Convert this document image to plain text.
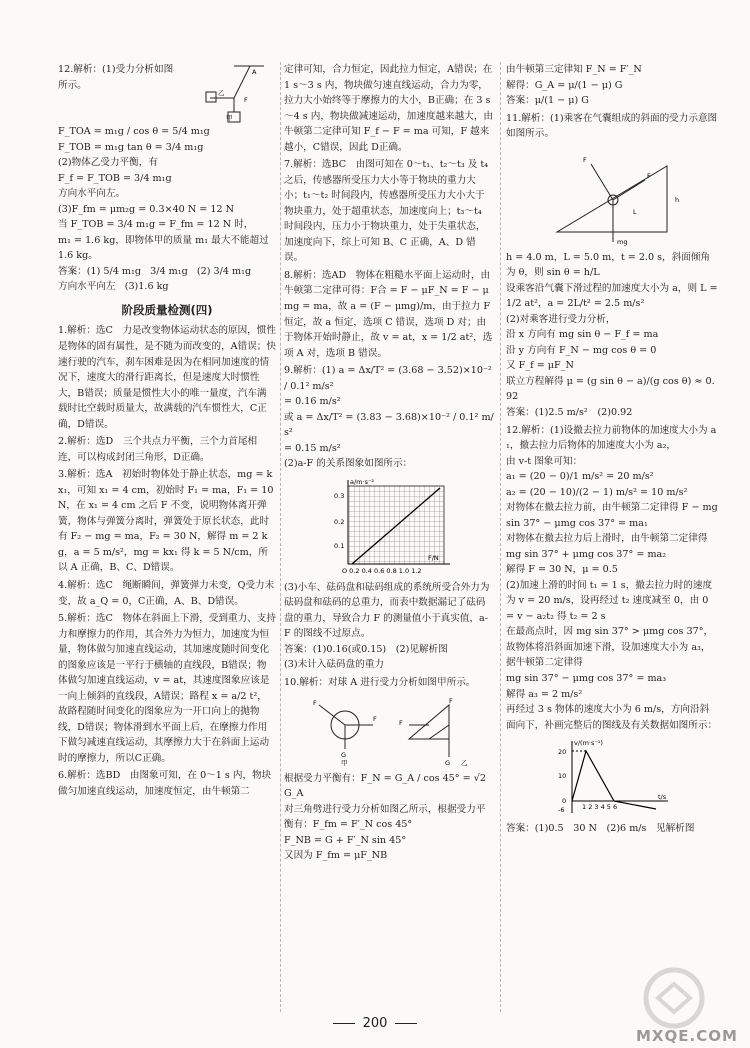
12.解析：(1)受力分析如图

所示。

A
乙
F
甲

F_TOA = m₁g / cos θ = 5/4 m₁g

F_TOB = m₁g tan θ = 3/4 m₁g

(2)物体乙受力平衡，有

F_f = F_TOB = 3/4 m₁g

方向水平向左。

(3)F_fm = μm₂g = 0.3×40 N = 12 N

当 F_TOB = 3/4 m₁g = F_fm = 12 N 时，

m₁ = 1.6 kg，即物体甲的质量 m₁ 最大不能超过 1.6 kg。

答案：(1) 5/4 m₁g   3/4 m₁g   (2) 3/4 m₁g

方向水平向左   (3)1.6 kg

阶段质量检测(四)

1.解析：选C　力是改变物体运动状态的原因，惯性是物体的固有属性，是不随为而改变的，A错误；快速行驶的汽车，刹车困难是因为在相同加速度的情况下，速度大的滑行距离长，但是速度大时惯性大，B错误；质量是惯性大小的唯一量度，汽车满载时比空载时质量大，故满载的汽车惯性大，C正确，D错误。

2.解析：选D　三个共点力平衡，三个力首尾相连，可以构成封闭三角形，D正确。

3.解析：选A　初始时物体处于静止状态，mg = kx₁，可知 x₁ = 4 cm，初始时 F₁ = ma，F₁ = 10 N，在 x₁ = 4 cm 之后 F 不变，说明物体离开弹簧，物体与弹簧分离时，弹簧处于原长状态，此时有 F₂ − mg = ma，F₂ = 30 N，解得 m = 2 kg，a = 5 m/s²，mg = kx₁ 得 k = 5 N/cm，所以 A 正确，B、C、D错误。

4.解析：选C　绳断瞬间，弹簧弹力未变，Q受力未变，故 a_Q = 0，C正确，A、B、D错误。

5.解析：选C　物体在斜面上下滑，受到重力、支持力和摩擦力的作用，其合外力为恒力，加速度为恒量，物体做匀加速直线运动，其加速度随时间变化的图象应该是一平行于横轴的直线段，B错误；物体做匀加速直线运动，v = at，其速度图象应该是一向上倾斜的直线段，A错误；路程 x = a/2 t²，故路程随时间变化的图象应为一开口向上的抛物线，D错误；物体滑到水平面上后，在摩擦力作用下做匀减速直线运动，其摩擦力大于在斜面上运动时的摩擦力，所以C正确。

6.解析：选BD　由图象可知，在 0～1 s 内，物块做匀加速直线运动，加速度恒定，由牛顿第二

定律可知，合力恒定，因此拉力恒定，A错误；在 1 s～3 s 内，物块做匀速直线运动，合力为零，拉力大小始终等于摩擦力的大小，B正确；在 3 s～4 s 内，物块做减速运动，加速度越来越大，由牛顿第二定律可知 F_f − F = ma 可知，F 越来越小，C错误，因此 D正确。

7.解析：选BC　由图可知在 0～t₁、t₂～t₃ 及 t₄ 之后，传感器所受压力大小等于物块的重力大小；t₁～t₂ 时间段内，传感器所受压力大小大于物块重力，处于超重状态，加速度向上；t₃～t₄ 时间段内，压力小于物块重力，处于失重状态，加速度向下，综上可知 B、C 正确，A、D 错误。

8.解析：选AD　物体在粗糙水平面上运动时，由牛顿第二定律可得：F合 = F − μF_N = F − μmg = ma，故 a = (F − μmg)/m，由于拉力 F 恒定，故 a 恒定，选项 C 错误，选项 D 对；由于物体开始时静止，故 v = at，x = 1/2 at²，选项 A 对，选项 B 错误。

9.解析：(1) a = Δx/T² = (3.68 − 3.52)×10⁻² / 0.1² m/s²

= 0.16 m/s²

或 a = Δx/T² = (3.83 − 3.68)×10⁻² / 0.1² m/s²

= 0.15 m/s²

(2)a-F 的关系图象如图所示：

a/m·s⁻²
F/N
0.3
0.2
0.1
O 0.2 0.4 0.6 0.8 1.0 1.2

(3)小车、砝码盘和砝码组成的系统所受合外力为砝码盘和砝码的总重力，而表中数据漏记了砝码盘的重力，导致合力 F 的测量值小于真实值，a-F 的图线不过原点。

答案：(1)0.16(或0.15)　(2)见解析图

(3)未计入砝码盘的重力

10.解析：对球 A 进行受力分析如图甲所示。

F
F
G
甲
F
F
G 乙

根据受力平衡有：F_N = G_A / cos 45° = √2 G_A

对三角劈进行受力分析如图乙所示，根据受力平衡有：F_fm = F′_N cos 45°

F_NB = G + F′_N sin 45°

又因为 F_fm = μF_NB

由牛顿第三定律知 F_N = F′_N

解得：G_A = μ/(1 − μ) G

答案：μ/(1 − μ) G

11.解析：(1)乘客在气囊组成的斜面的受力示意图如图所示。

F
F
h
L
mg

h = 4.0 m，L = 5.0 m，t = 2.0 s，斜面倾角为 θ，则 sin θ = h/L

设乘客沿气囊下滑过程的加速度大小为 a，则 L = 1/2 at²，a = 2L/t² = 2.5 m/s²

(2)对乘客进行受力分析，

沿 x 方向有 mg sin θ − F_f = ma

沿 y 方向有 F_N − mg cos θ = 0

又 F_f = μF_N

联立方程解得 μ = (g sin θ − a)/(g cos θ) ≈ 0.92

答案：(1)2.5 m/s²　(2)0.92

12.解析：(1)设撤去拉力前物体的加速度大小为 a₁，撤去拉力后物体的加速度大小为 a₂，

由 v-t 图象可知：

a₁ = (20 − 0)/1 m/s² = 20 m/s²

a₂ = (20 − 10)/(2 − 1) m/s² = 10 m/s²

对物体在撤去拉力前，由牛顿第二定律得 F − mg sin 37° − μmg cos 37° = ma₁

对物体在撤去拉力后上滑时，由牛顿第二定律得 mg sin 37° + μmg cos 37° = ma₂

解得 F = 30 N，μ = 0.5

(2)加速上滑的时间 t₁ = 1 s，撤去拉力时的速度为 v = 20 m/s，设再经过 t₂ 速度减至 0，由 0 = v − a₂t₂ 得 t₂ = 2 s

在最高点时，因 mg sin 37° > μmg cos 37°，故物体将沿斜面加速下滑，设加速度大小为 a₃，

据牛顿第二定律得

mg sin 37° − μmg cos 37° = ma₃

解得 a₃ = 2 m/s²

再经过 3 s 物体的速度大小为 6 m/s，方向沿斜面向下，补画完整后的图线及有关数据如图所示：

v/(m·s⁻¹)
t/s
20
10
0
-6	1 2 3 4 5 6

答案：(1)0.5　30 N　(2)6 m/s　见解析图

200
MXQE.COM
